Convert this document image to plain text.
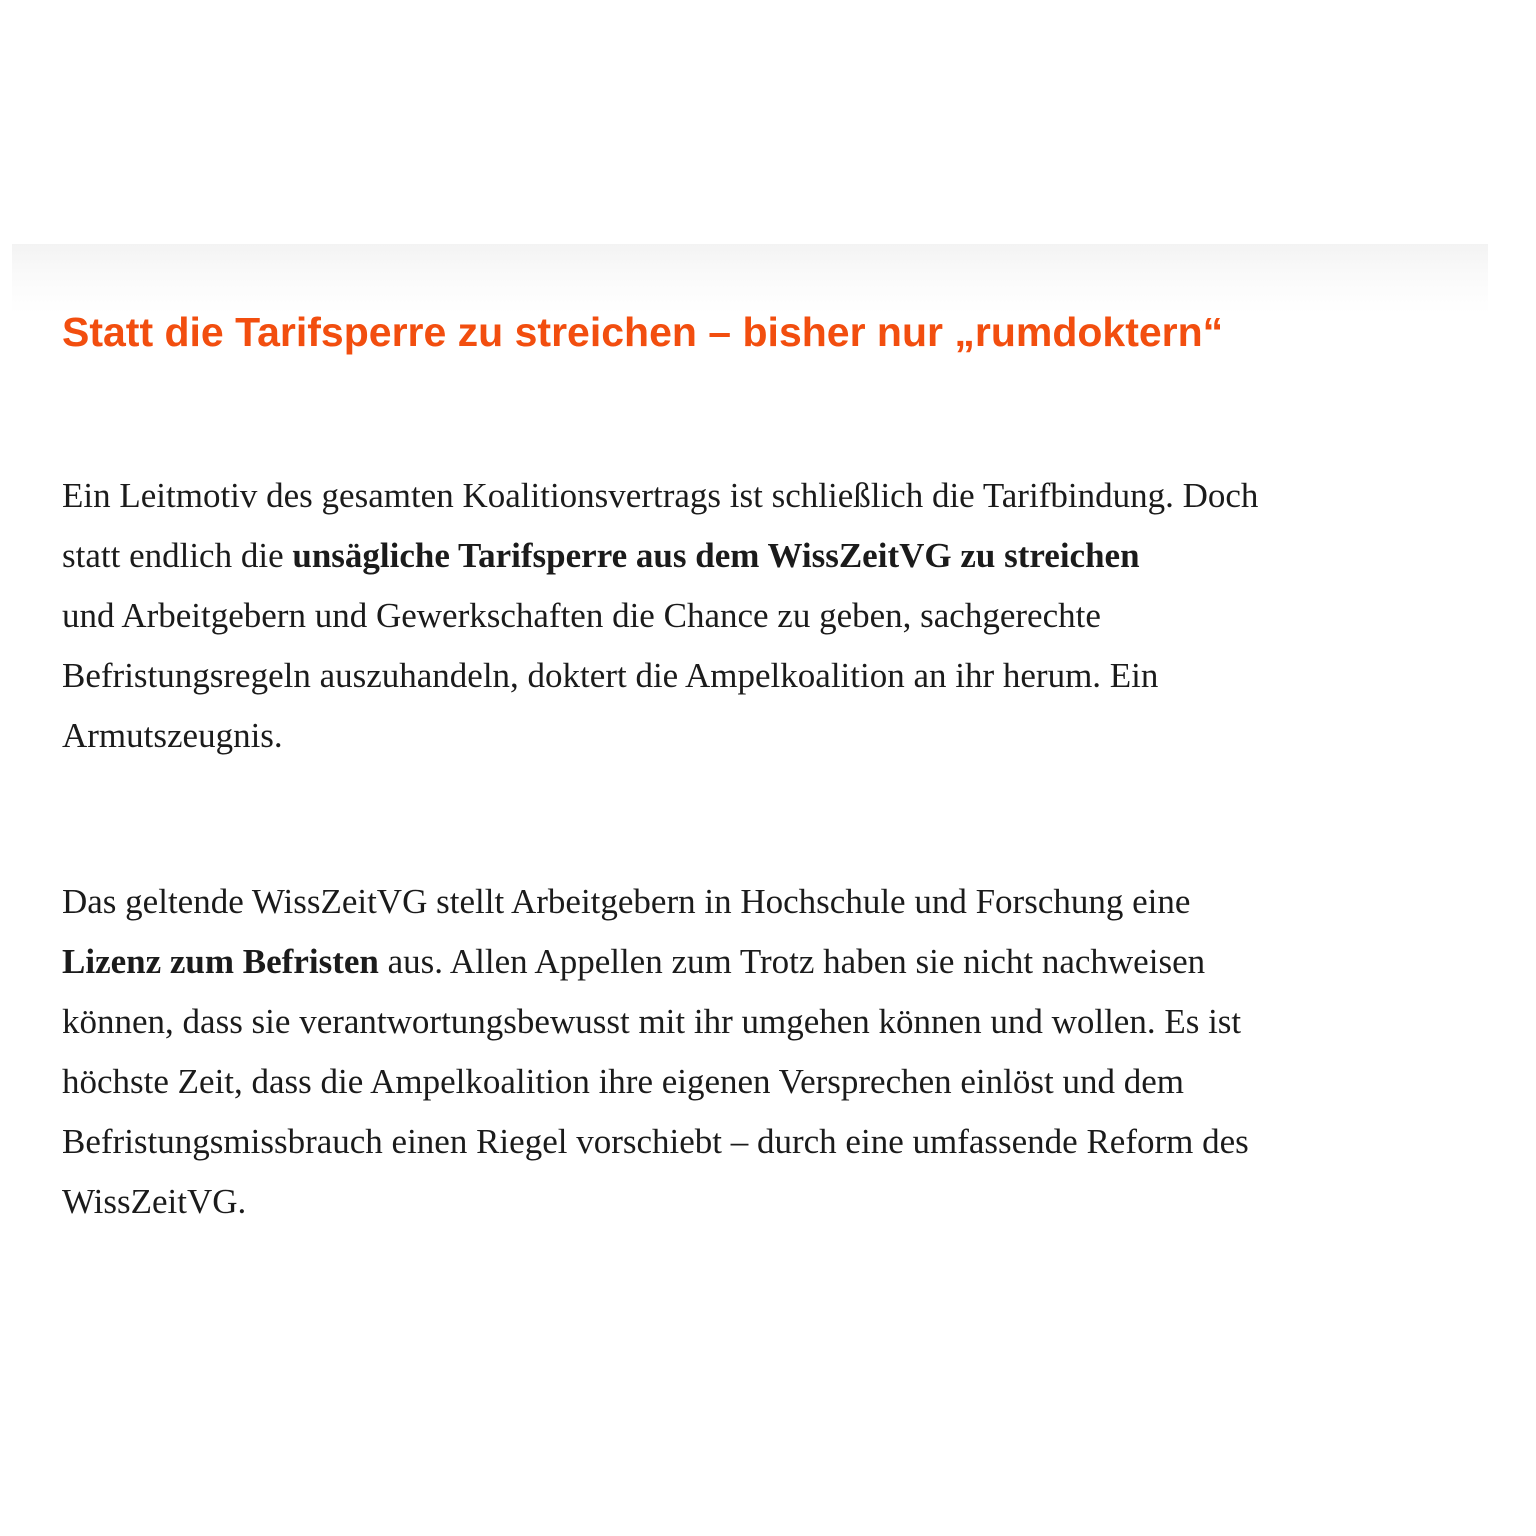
Statt die Tarifsperre zu streichen – bisher nur „rumdoktern“

Ein Leitmotiv des gesamten Koalitionsvertrags ist schließlich die Tarifbindung. Doch
statt endlich die unsägliche Tarifsperre aus dem WissZeitVG zu streichen
und Arbeitgebern und Gewerkschaften die Chance zu geben, sachgerechte
Befristungsregeln auszuhandeln, doktert die Ampelkoalition an ihr herum. Ein
Armutszeugnis.

Das geltende WissZeitVG stellt Arbeitgebern in Hochschule und Forschung eine
Lizenz zum Befristen aus. Allen Appellen zum Trotz haben sie nicht nachweisen
können, dass sie verantwortungsbewusst mit ihr umgehen können und wollen. Es ist
höchste Zeit, dass die Ampelkoalition ihre eigenen Versprechen einlöst und dem
Befristungsmissbrauch einen Riegel vorschiebt – durch eine umfassende Reform des
WissZeitVG.
